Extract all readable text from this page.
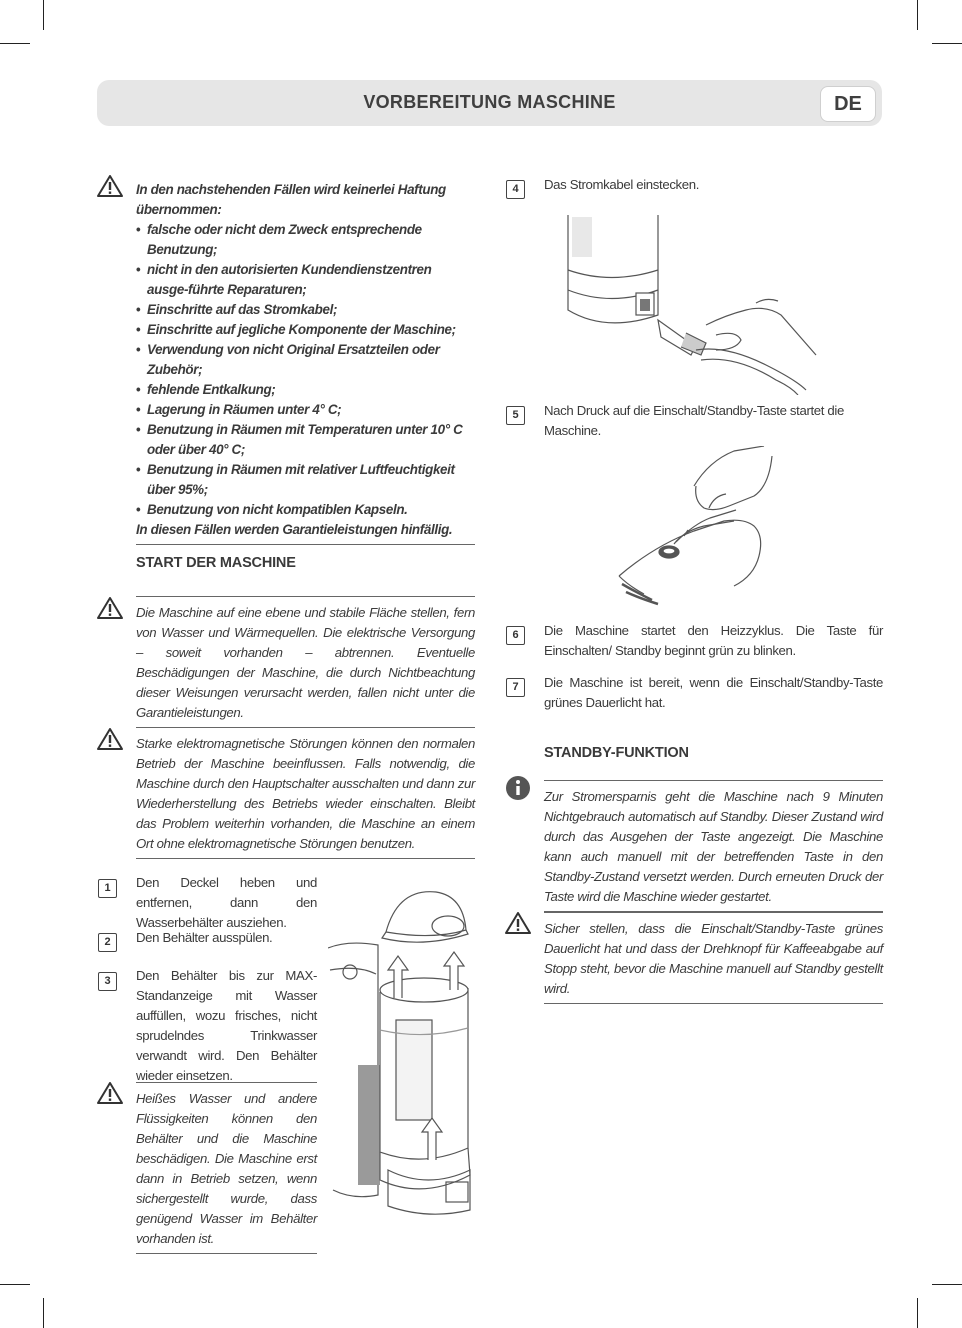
VORBEREITUNG MASCHINE	DE
In den nachstehenden Fällen wird keinerlei Haftung übernommen:
• falsche oder nicht dem Zweck entsprechende Benutzung;
• nicht in den autorisierten Kundendienstzentren ausge-führte Reparaturen;
• Einschritte auf das Stromkabel;
• Einschritte auf jegliche Komponente der Maschine;
• Verwendung von nicht Original Ersatzteilen oder Zubehör;
• fehlende Entkalkung;
• Lagerung in Räumen unter 4° C;
• Benutzung in Räumen mit Temperaturen unter 10° C oder über 40° C;
• Benutzung in Räumen mit relativer Luftfeuchtigkeit über 95%;
• Benutzung von nicht kompatiblen Kapseln.
In diesen Fällen werden Garantieleistungen hinfällig.
START DER MASCHINE
Die Maschine auf eine ebene und stabile Fläche stellen, fern von Wasser und Wärmequellen. Die elektrische Versorgung – soweit vorhanden – abtrennen. Eventuelle Beschädigungen der Maschine, die durch Nichtbeachtung dieser Weisungen verursacht werden, fallen nicht unter die Garantieleistungen.
Starke elektromagnetische Störungen können den normalen Betrieb der Maschine beeinflussen. Falls notwendig, die Maschine durch den Hauptschalter ausschalten und dann zur Wiederherstellung des Betriebs wieder einschalten. Bleibt das Problem weiterhin vorhanden, die Maschine an einem Ort ohne elektromagnetische Störungen benutzen.
1	Den Deckel heben und entfernen, dann den Wasserbehälter ausziehen.
2	Den Behälter ausspülen.
3	Den Behälter bis zur MAX-Standanzeige mit Wasser auffüllen, wozu frisches, nicht sprudelndes Trinkwasser verwandt wird. Den Behälter wieder einsetzen.
Heißes Wasser und andere Flüssigkeiten können den Behälter und die Maschine beschädigen. Die Maschine erst dann in Betrieb setzen, wenn sichergestellt wurde, dass genügend Wasser im Behälter vorhanden ist.
4	Das Stromkabel einstecken.
5	Nach Druck auf die Einschalt/Standby-Taste startet die Maschine.
6	Die Maschine startet den Heizzyklus. Die Taste für Einschalten/ Standby beginnt grün zu blinken.
7	Die Maschine ist bereit, wenn die Einschalt/Standby-Taste grünes Dauerlicht hat.
STANDBY-FUNKTION
Zur Stromersparnis geht die Maschine nach 9 Minuten Nichtgebrauch automatisch auf Standby. Dieser Zustand wird durch das Ausgehen der Taste angezeigt. Die Maschine kann auch manuell mit der betreffenden Taste in den Standby-Zustand versetzt werden. Durch erneuten Druck der Taste wird die Maschine wieder gestartet.
Sicher stellen, dass die Einschalt/Standby-Taste grünes Dauerlicht hat und dass der Drehknopf für Kaffeeabgabe auf Stopp steht, bevor die Maschine manuell auf Standby gestellt wird.
